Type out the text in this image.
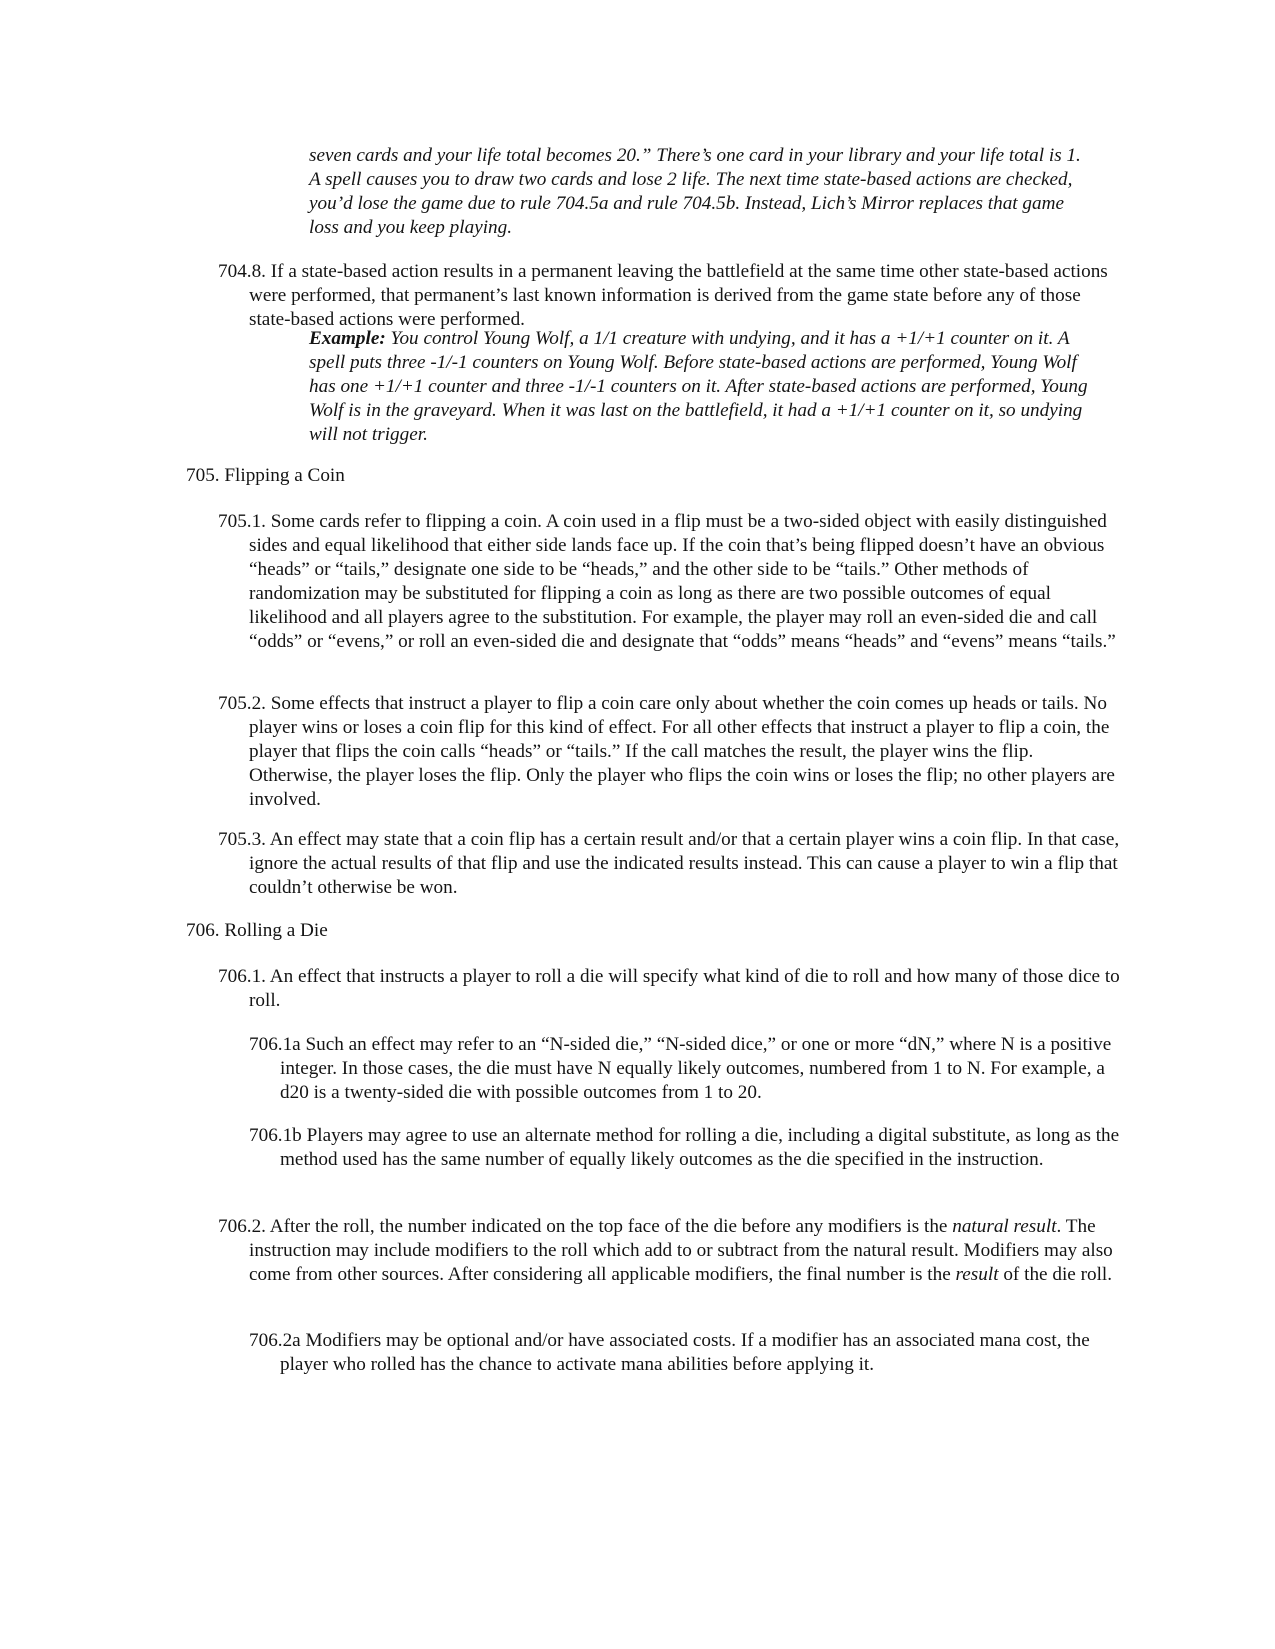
seven cards and your life total becomes 20.” There’s one card in your library and your life total is 1. A spell causes you to draw two cards and lose 2 life. The next time state-based actions are checked, you’d lose the game due to rule 704.5a and rule 704.5b. Instead, Lich’s Mirror replaces that game loss and you keep playing.

704.8. If a state-based action results in a permanent leaving the battlefield at the same time other state-based actions were performed, that permanent’s last known information is derived from the game state before any of those state-based actions were performed.

Example: You control Young Wolf, a 1/1 creature with undying, and it has a +1/+1 counter on it. A spell puts three -1/-1 counters on Young Wolf. Before state-based actions are performed, Young Wolf has one +1/+1 counter and three -1/-1 counters on it. After state-based actions are performed, Young Wolf is in the graveyard. When it was last on the battlefield, it had a +1/+1 counter on it, so undying will not trigger.

705. Flipping a Coin

705.1. Some cards refer to flipping a coin. A coin used in a flip must be a two-sided object with easily distinguished sides and equal likelihood that either side lands face up. If the coin that’s being flipped doesn’t have an obvious “heads” or “tails,” designate one side to be “heads,” and the other side to be “tails.” Other methods of randomization may be substituted for flipping a coin as long as there are two possible outcomes of equal likelihood and all players agree to the substitution. For example, the player may roll an even-sided die and call “odds” or “evens,” or roll an even-sided die and designate that “odds” means “heads” and “evens” means “tails.”

705.2. Some effects that instruct a player to flip a coin care only about whether the coin comes up heads or tails. No player wins or loses a coin flip for this kind of effect. For all other effects that instruct a player to flip a coin, the player that flips the coin calls “heads” or “tails.” If the call matches the result, the player wins the flip. Otherwise, the player loses the flip. Only the player who flips the coin wins or loses the flip; no other players are involved.

705.3. An effect may state that a coin flip has a certain result and/or that a certain player wins a coin flip. In that case, ignore the actual results of that flip and use the indicated results instead. This can cause a player to win a flip that couldn’t otherwise be won.

706. Rolling a Die

706.1. An effect that instructs a player to roll a die will specify what kind of die to roll and how many of those dice to roll.

706.1a Such an effect may refer to an “N-sided die,” “N-sided dice,” or one or more “dN,” where N is a positive integer. In those cases, the die must have N equally likely outcomes, numbered from 1 to N. For example, a d20 is a twenty-sided die with possible outcomes from 1 to 20.

706.1b Players may agree to use an alternate method for rolling a die, including a digital substitute, as long as the method used has the same number of equally likely outcomes as the die specified in the instruction.

706.2. After the roll, the number indicated on the top face of the die before any modifiers is the natural result. The instruction may include modifiers to the roll which add to or subtract from the natural result. Modifiers may also come from other sources. After considering all applicable modifiers, the final number is the result of the die roll.

706.2a Modifiers may be optional and/or have associated costs. If a modifier has an associated mana cost, the player who rolled has the chance to activate mana abilities before applying it.
